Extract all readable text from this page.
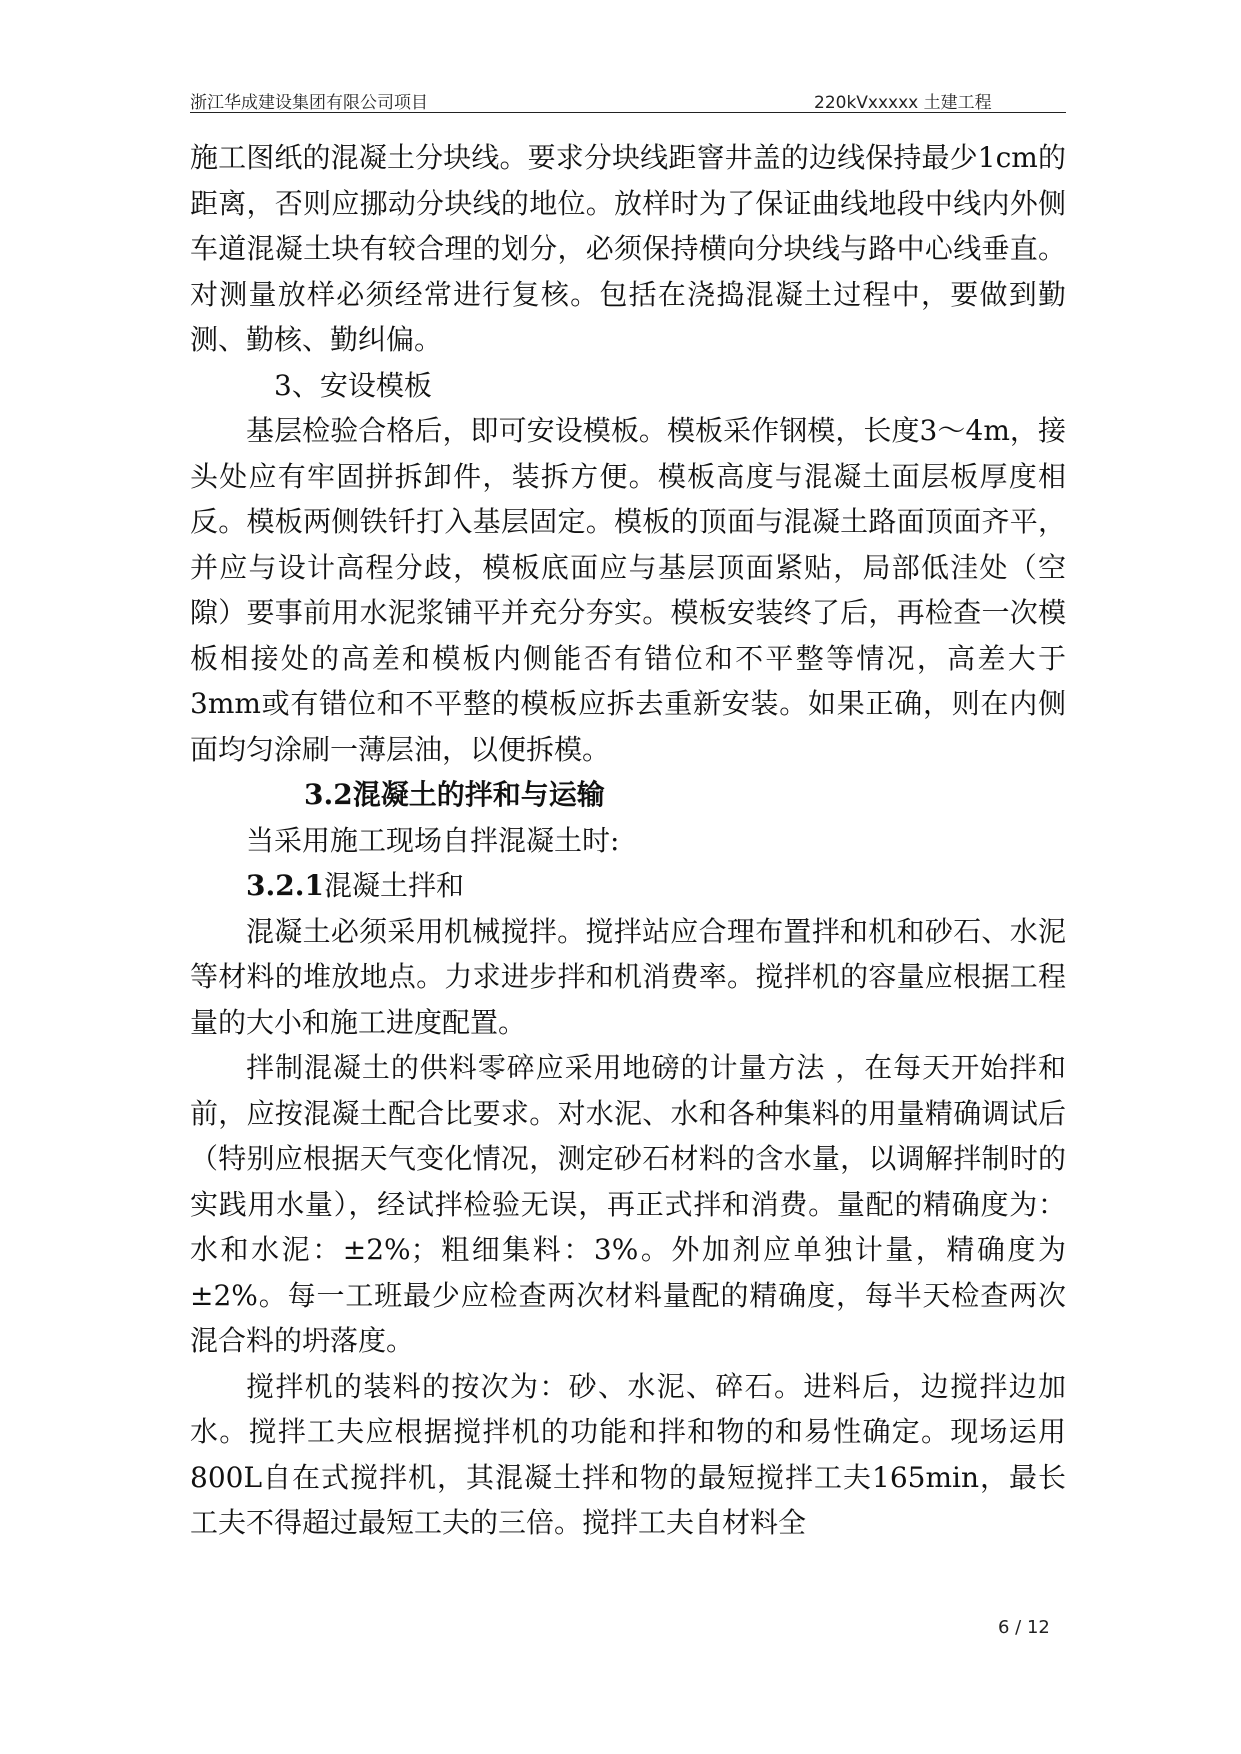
浙江华成建设集团有限公司项目	220kVxxxxx 土建工程

施工图纸的混凝土分块线。要求分块线距窨井盖的边线保持最少1cm的距离，否则应挪动分块线的地位。放样时为了保证曲线地段中线内外侧车道混凝土块有较合理的划分，必须保持横向分块线与路中心线垂直。对测量放样必须经常进行复核。包括在浇捣混凝土过程中，要做到勤测、勤核、勤纠偏。

3、安设模板

基层检验合格后，即可安设模板。模板采作钢模，长度3～4m，接头处应有牢固拼拆卸件，装拆方便。模板高度与混凝土面层板厚度相反。模板两侧铁钎打入基层固定。模板的顶面与混凝土路面顶面齐平，并应与设计高程分歧，模板底面应与基层顶面紧贴，局部低洼处（空隙）要事前用水泥浆铺平并充分夯实。模板安装终了后，再检查一次模板相接处的高差和模板内侧能否有错位和不平整等情况，高差大于3mm或有错位和不平整的模板应拆去重新安装。如果正确，则在内侧面均匀涂刷一薄层油，以便拆模。

3.2混凝土的拌和与运输

当采用施工现场自拌混凝土时:

3.2.1混凝土拌和

混凝土必须采用机械搅拌。搅拌站应合理布置拌和机和砂石、水泥等材料的堆放地点。力求进步拌和机消费率。搅拌机的容量应根据工程量的大小和施工进度配置。

拌制混凝土的供料零碎应采用地磅的计量方法 ，在每天开始拌和前，应按混凝土配合比要求。对水泥、水和各种集料的用量精确调试后（特别应根据天气变化情况，测定砂石材料的含水量，以调解拌制时的实践用水量），经试拌检验无误，再正式拌和消费。量配的精确度为：水和水泥：±2%；粗细集料：3%。外加剂应单独计量，精确度为±2%。每一工班最少应检查两次材料量配的精确度，每半天检查两次混合料的坍落度。

搅拌机的装料的按次为：砂、水泥、碎石。进料后，边搅拌边加水。搅拌工夫应根据搅拌机的功能和拌和物的和易性确定。现场运用800L自在式搅拌机，其混凝土拌和物的最短搅拌工夫165min，最长工夫不得超过最短工夫的三倍。搅拌工夫自材料全

6 / 12
